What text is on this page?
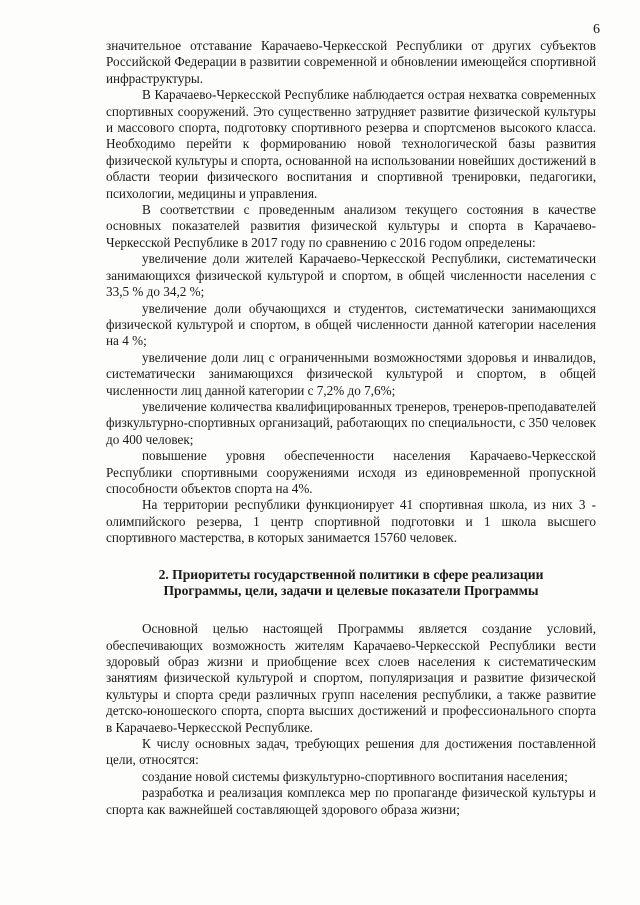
6

значительное отставание Карачаево-Черкесской Республики от других субъектов Российской Федерации в развитии современной и обновлении имеющейся спортивной инфраструктуры.

В Карачаево-Черкесской Республике наблюдается острая нехватка современных спортивных сооружений. Это существенно затрудняет развитие физической культуры и массового спорта, подготовку спортивного резерва и спортсменов высокого класса. Необходимо перейти к формированию новой технологической базы развития физической культуры и спорта, основанной на использовании новейших достижений в области теории физического воспитания и спортивной тренировки, педагогики, психологии, медицины и управления.

В соответствии с проведенным анализом текущего состояния в качестве основных показателей развития физической культуры и спорта в Карачаево-Черкесской Республике в 2017 году по сравнению с 2016 годом определены:

увеличение доли жителей Карачаево-Черкесской Республики, систематически занимающихся физической культурой и спортом, в общей численности населения с 33,5 % до 34,2 %;

увеличение доли обучающихся и студентов, систематически занимающихся физической культурой и спортом, в общей численности данной категории населения на 4 %;

увеличение доли лиц с ограниченными возможностями здоровья и инвалидов, систематически занимающихся физической культурой и спортом, в общей численности лиц данной категории с 7,2% до 7,6%;

увеличение количества квалифицированных тренеров, тренеров-преподавателей физкультурно-спортивных организаций, работающих по специальности, с 350 человек до 400 человек;

повышение уровня обеспеченности населения Карачаево-Черкесской Республики спортивными сооружениями исходя из единовременной пропускной способности объектов спорта на 4%.

На территории республики функционирует 41 спортивная школа, из них 3 - олимпийского резерва, 1 центр спортивной подготовки и 1 школа высшего спортивного мастерства, в которых занимается 15760 человек.

2. Приоритеты государственной политики в сфере реализации
Программы, цели, задачи и целевые показатели Программы

Основной целью настоящей Программы является создание условий, обеспечивающих возможность жителям Карачаево-Черкесской Республики вести здоровый образ жизни и приобщение всех слоев населения к систематическим занятиям физической культурой и спортом, популяризация и развитие физической культуры и спорта среди различных групп населения республики, а также развитие детско-юношеского спорта, спорта высших достижений и профессионального спорта в Карачаево-Черкесской Республике.

К числу основных задач, требующих решения для достижения поставленной цели, относятся:

создание новой системы физкультурно-спортивного воспитания населения;

разработка и реализация комплекса мер по пропаганде физической культуры и спорта как важнейшей составляющей здорового образа жизни;
